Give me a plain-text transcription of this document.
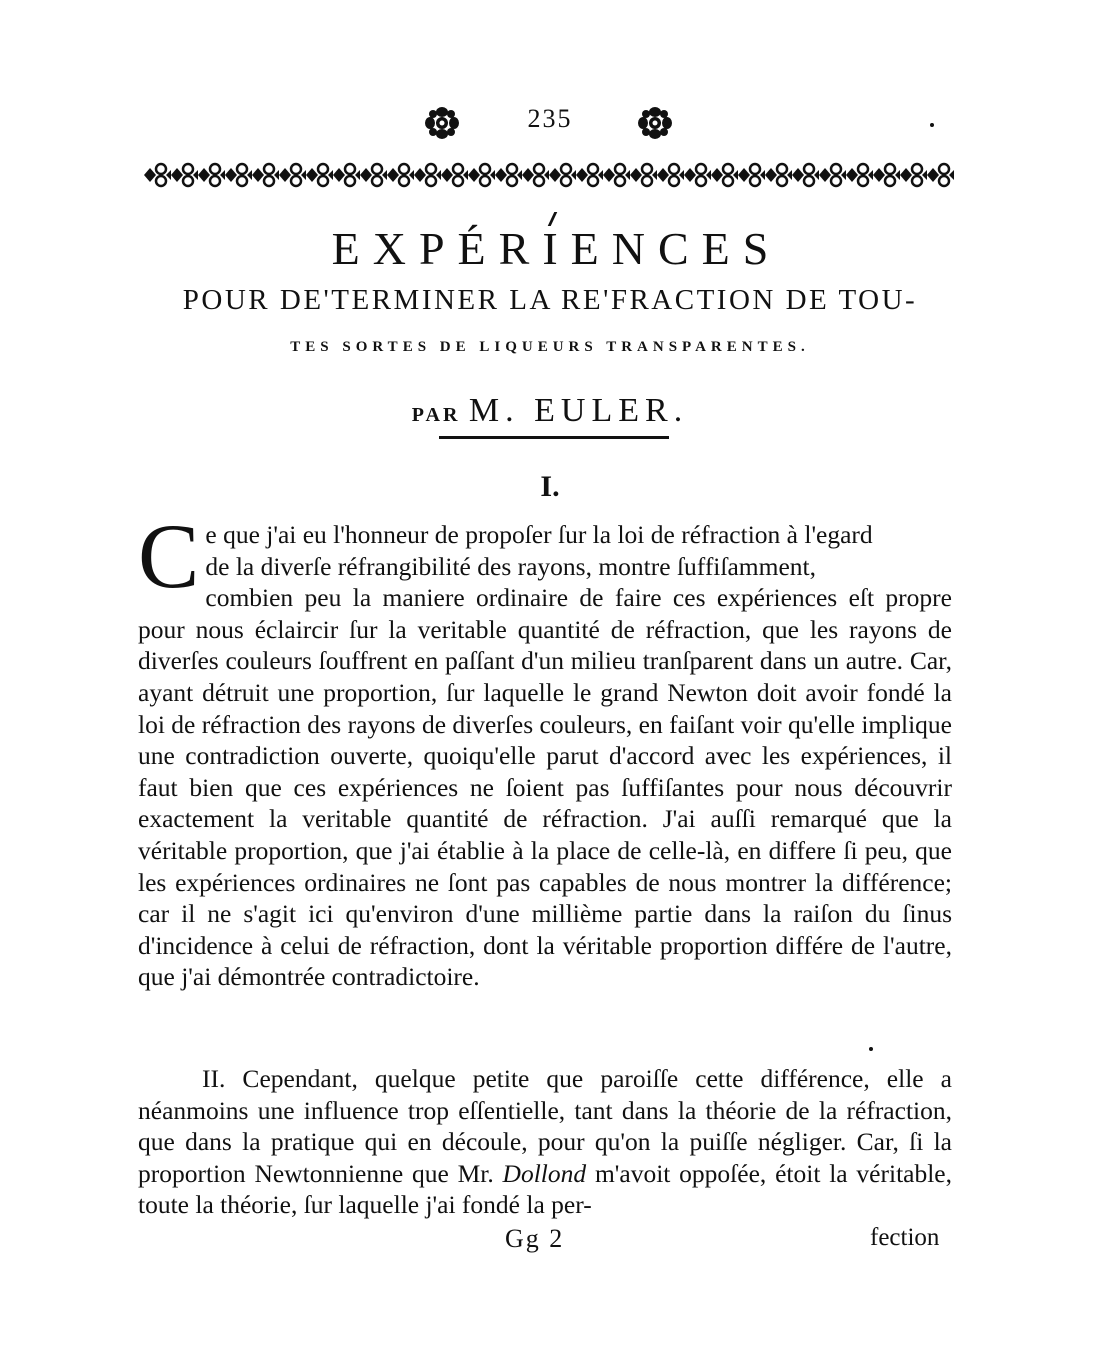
235
EXPÉRIENCES
POUR DE'TERMINER LA RE'FRACTION DE TOU-
TES SORTES DE LIQUEURS TRANSPARENTES.
PAR M. EULER.
I.
C e que j'ai eu l'honneur de propoſer ſur la loi de réfraction à l'egard
de la diverſe réfrangibilité des rayons, montre ſuffiſamment,
combien peu la maniere ordinaire de faire ces expériences eſt propre pour nous éclaircir ſur la veritable quantité de réfraction, que les rayons de diverſes couleurs ſouffrent en paſſant d'un milieu tranſparent dans un autre. Car, ayant détruit une proportion, ſur laquelle le grand Newton doit avoir fondé la loi de réfraction des rayons de diverſes couleurs, en faiſant voir qu'elle implique une contradiction ouverte, quoiqu'elle parut d'accord avec les expériences, il faut bien que ces expériences ne ſoient pas ſuffiſantes pour nous découvrir exactement la veritable quantité de réfraction. J'ai auſſi remarqué que la véritable proportion, que j'ai établie à la place de celle-là, en differe ſi peu, que les expériences ordinaires ne ſont pas capables de nous montrer la différence; car il ne s'agit ici qu'environ d'une millième partie dans la raiſon du ſinus d'incidence à celui de réfraction, dont la véritable proportion différe de l'autre, que j'ai démontrée contradictoire.
II. Cependant, quelque petite que paroiſſe cette différence, elle a néanmoins une influence trop eſſentielle, tant dans la théorie de la réfraction, que dans la pratique qui en découle, pour qu'on la puiſſe négliger. Car, ſi la proportion Newtonnienne que Mr. Dollond m'avoit oppoſée, étoit la véritable, toute la théorie, ſur laquelle j'ai fondé la per-
Gg 2	fection
